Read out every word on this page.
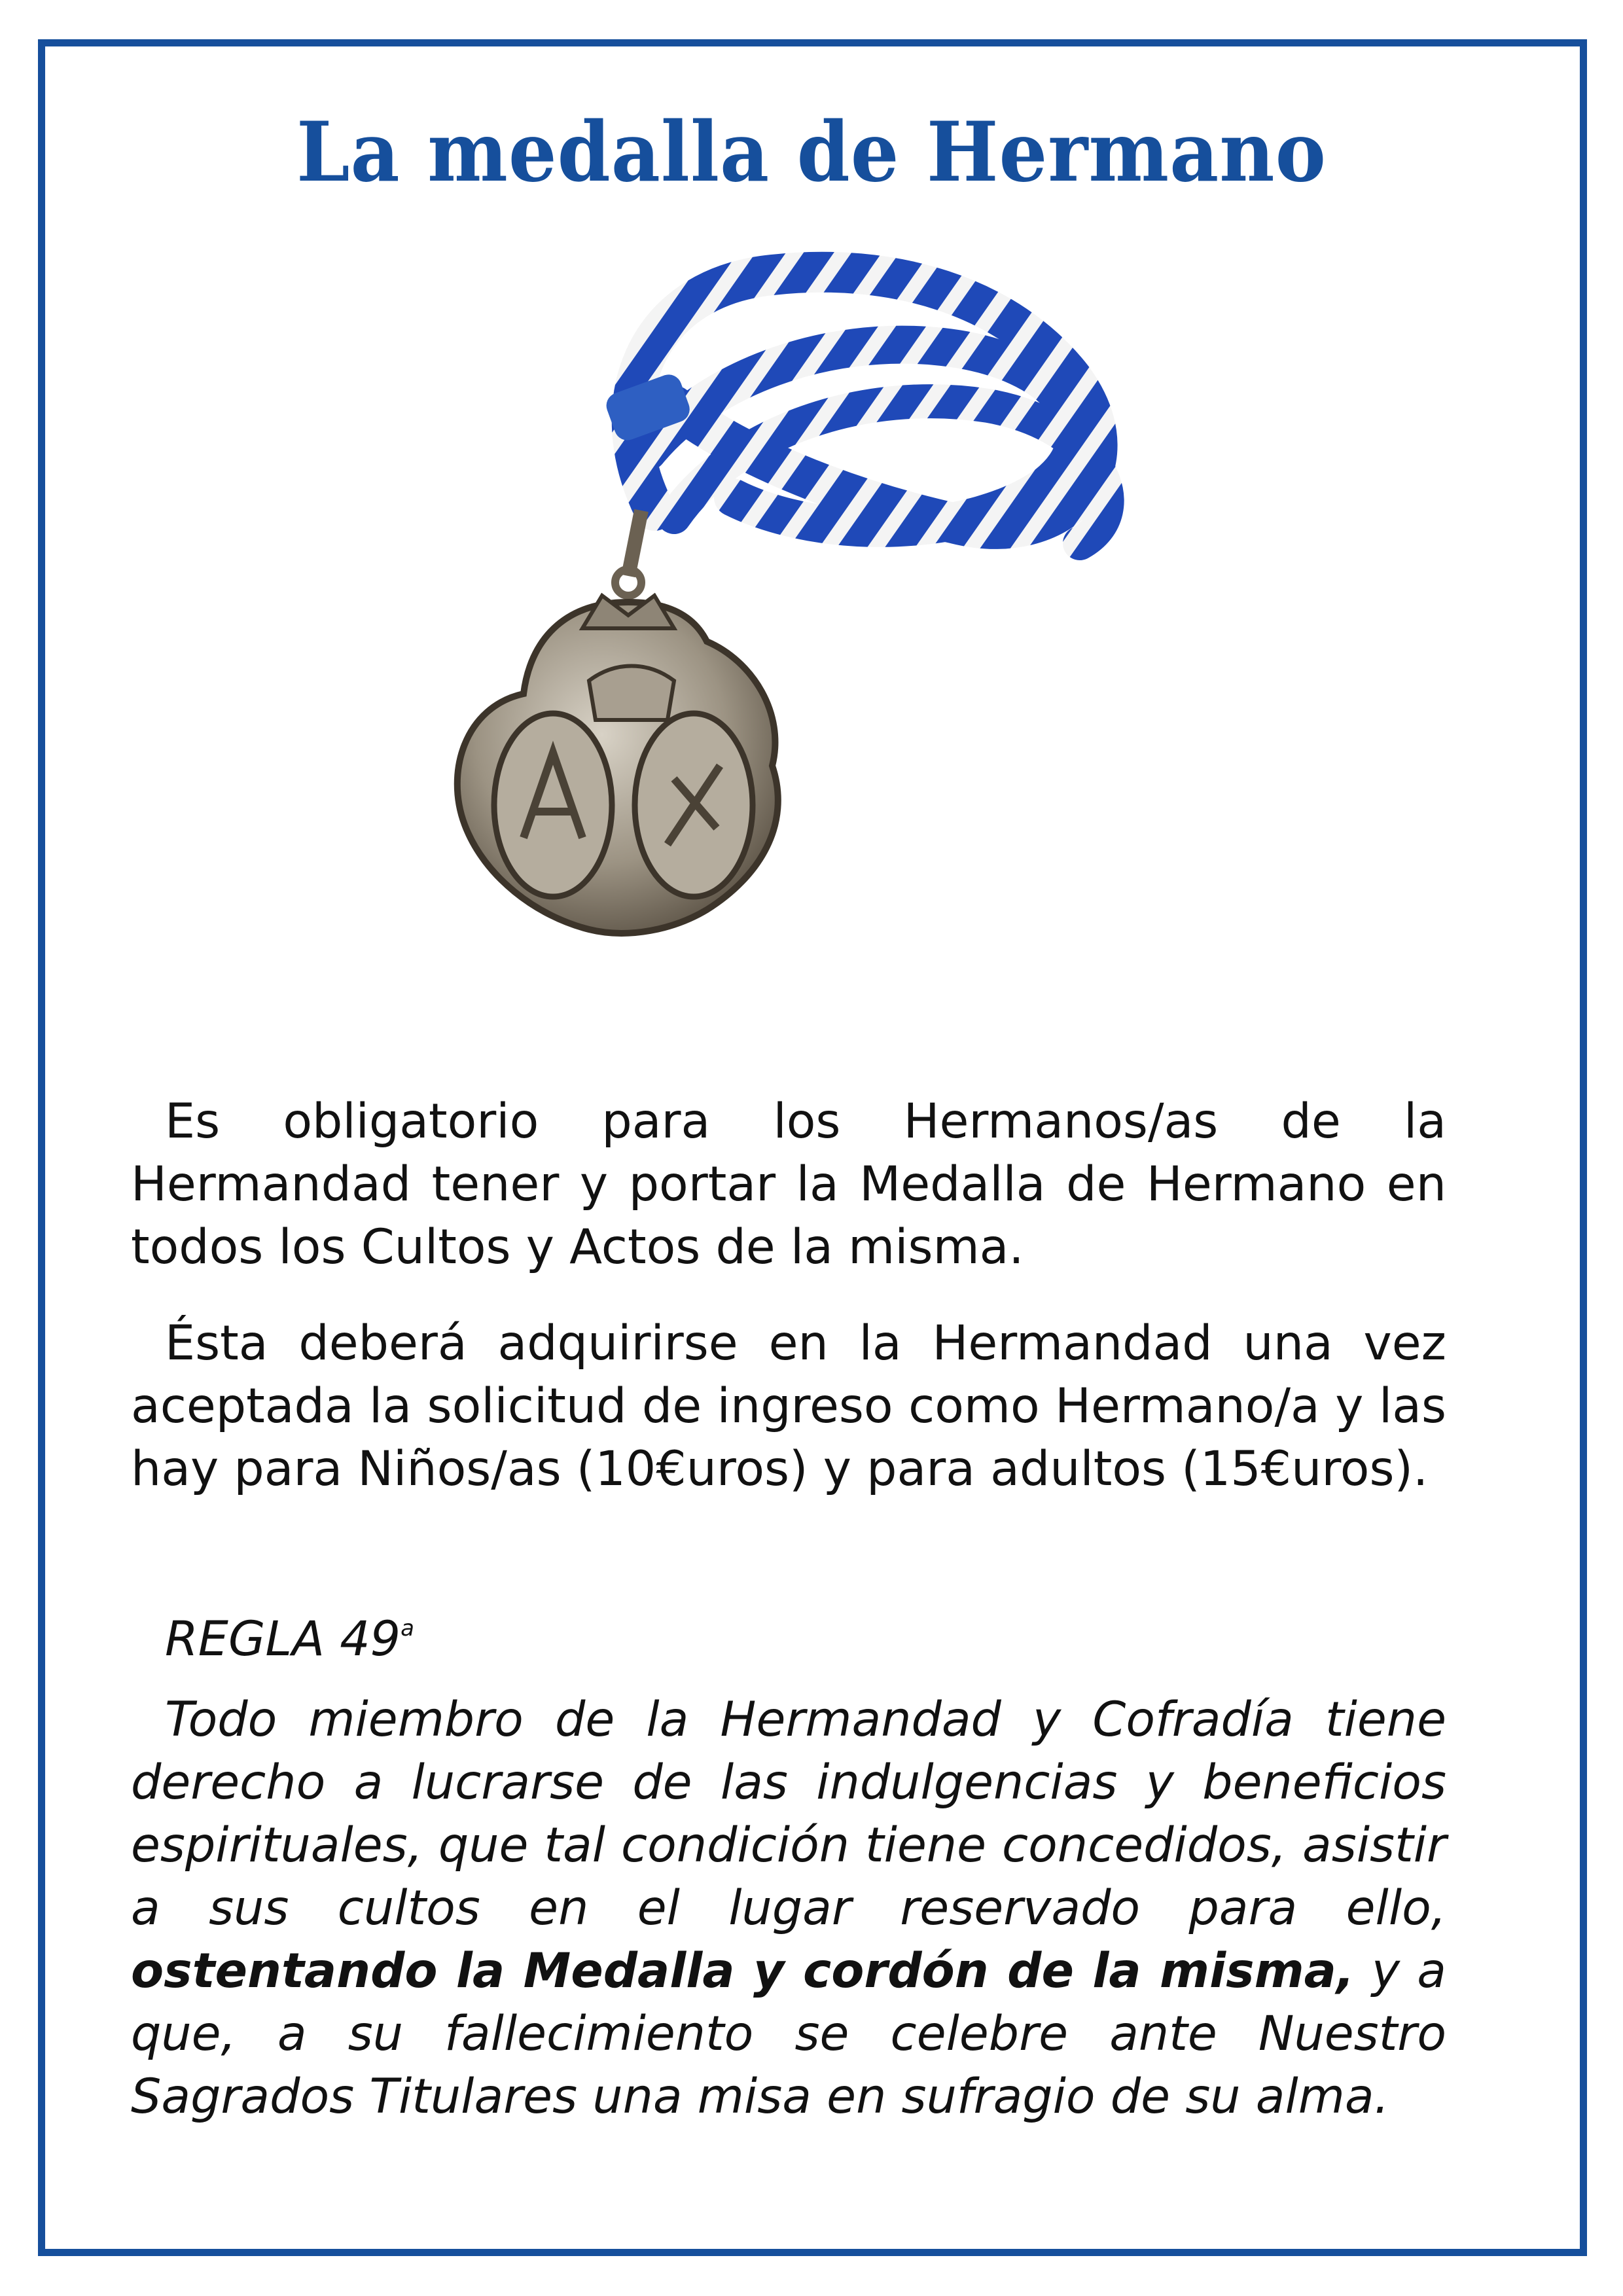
La medalla de Hermano
Es obligatorio para los Hermanos/as de la Hermandad tener y portar la Medalla de Hermano en todos los Cultos y Actos de la misma.
Ésta deberá adquirirse en la Hermandad una vez aceptada la solicitud de ingreso como Hermano/a y las hay para Niños/as (10€uros) y para adultos (15€uros).
REGLA 49$^a$
Todo miembro de la Hermandad y Cofradía tiene derecho a lucrarse de las indulgencias y beneficios espirituales, que tal condición tiene concedidos, asistir a sus cultos en el lugar reservado para ello, ostentando la Medalla y cordón de la misma, y a que, a su fallecimiento se celebre ante Nuestro Sagrados Titulares una misa en sufragio de su alma.
